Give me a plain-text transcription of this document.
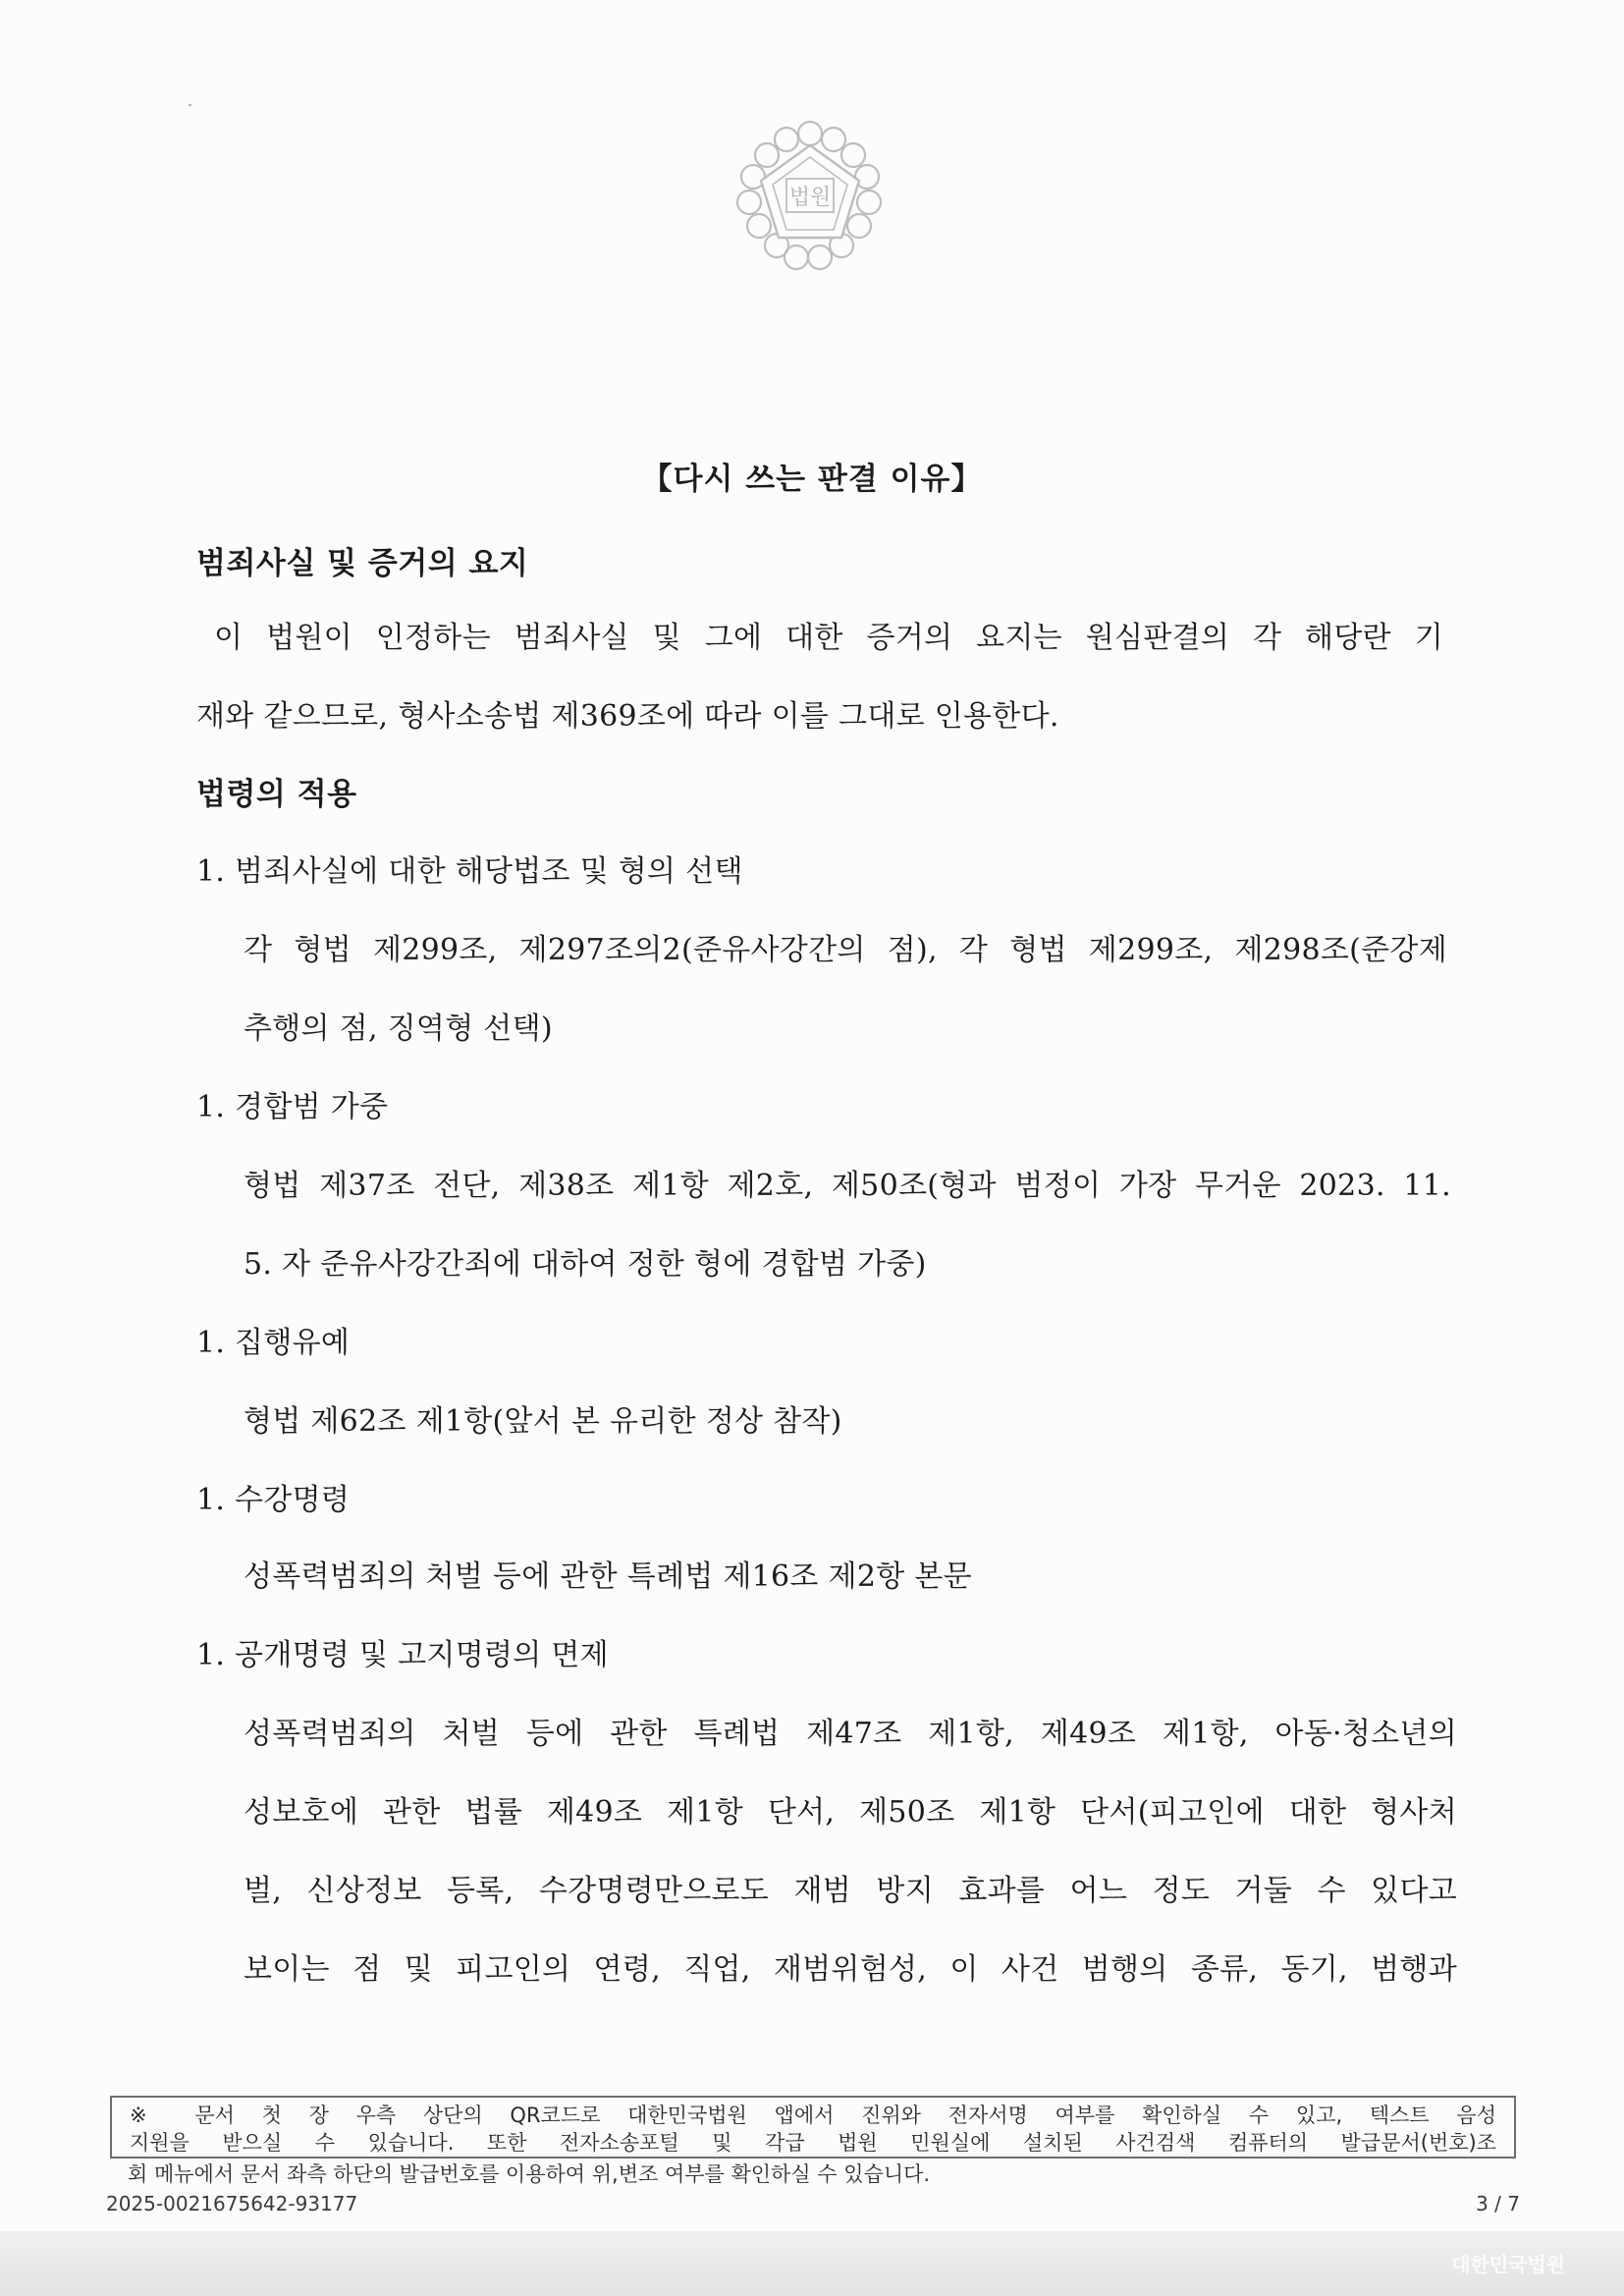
법원
【다시 쓰는 판결 이유】
범죄사실 및 증거의 요지
이 법원이 인정하는 범죄사실 및 그에 대한 증거의 요지는 원심판결의 각 해당란 기
재와 같으므로, 형사소송법 제369조에 따라 이를 그대로 인용한다.
법령의 적용
1. 범죄사실에 대한 해당법조 및 형의 선택
각 형법 제299조, 제297조의2(준유사강간의 점), 각 형법 제299조, 제298조(준강제
추행의 점, 징역형 선택)
1. 경합범 가중
형법 제37조 전단, 제38조 제1항 제2호, 제50조(형과 범정이 가장 무거운 2023. 11.
5. 자 준유사강간죄에 대하여 정한 형에 경합범 가중)
1. 집행유예
형법 제62조 제1항(앞서 본 유리한 정상 참작)
1. 수강명령
성폭력범죄의 처벌 등에 관한 특례법 제16조 제2항 본문
1. 공개명령 및 고지명령의 면제
성폭력범죄의 처벌 등에 관한 특례법 제47조 제1항, 제49조 제1항, 아동·청소년의
성보호에 관한 법률 제49조 제1항 단서, 제50조 제1항 단서(피고인에 대한 형사처
벌, 신상정보 등록, 수강명령만으로도 재범 방지 효과를 어느 정도 거둘 수 있다고
보이는 점 및 피고인의 연령, 직업, 재범위험성, 이 사건 범행의 종류, 동기, 범행과
※ 문서 첫 장 우측 상단의 QR코드로 대한민국법원 앱에서 진위와 전자서명 여부를 확인하실 수 있고, 텍스트 음성
지원을 받으실 수 있습니다. 또한 전자소송포털 및 각급 법원 민원실에 설치된 사건검색 컴퓨터의 발급문서(번호)조
회 메뉴에서 문서 좌측 하단의 발급번호를 이용하여 위,변조 여부를 확인하실 수 있습니다.
2025-0021675642-93177	3 / 7
대한민국법원
